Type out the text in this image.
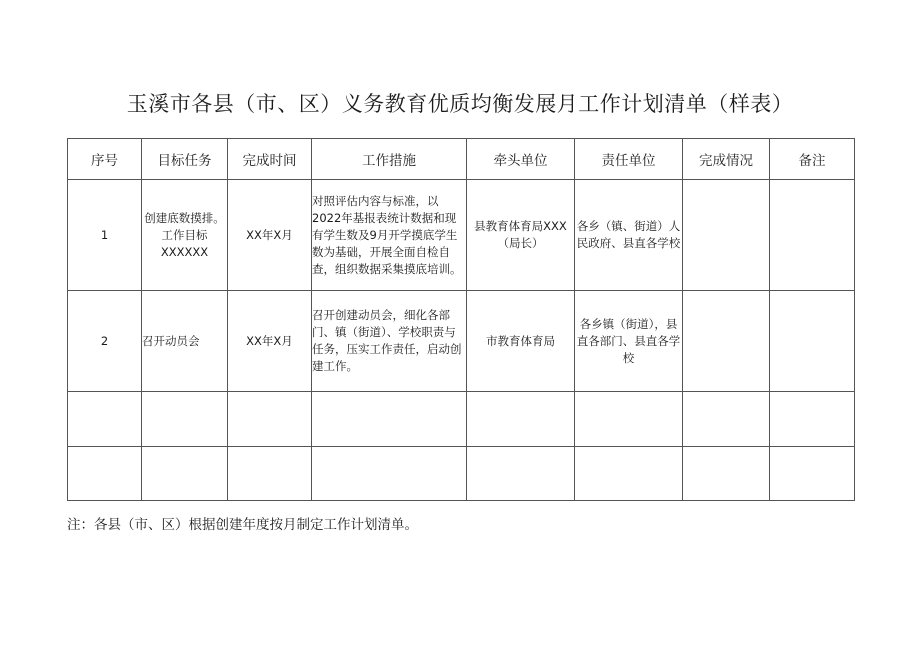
玉溪市各县（市、区）义务教育优质均衡发展月工作计划清单（样表）
序号	目标任务	完成时间	工作措施	牵头单位	责任单位	完成情况	备注
1	创建底数摸排。工作目标XXXXXX	XX年X月	对照评估内容与标准，以2022年基报表统计数据和现有学生数及9月开学摸底学生数为基础，开展全面自检自查，组织数据采集摸底培训。	县教育体育局XXX（局长）	各乡（镇、街道）人民政府、县直各学校		
2	召开动员会	XX年X月	召开创建动员会，细化各部门、镇（街道）、学校职责与任务，压实工作责任，启动创建工作。	市教育体育局	各乡镇（街道），县直各部门、县直各学校		

注：各县（市、区）根据创建年度按月制定工作计划清单。
